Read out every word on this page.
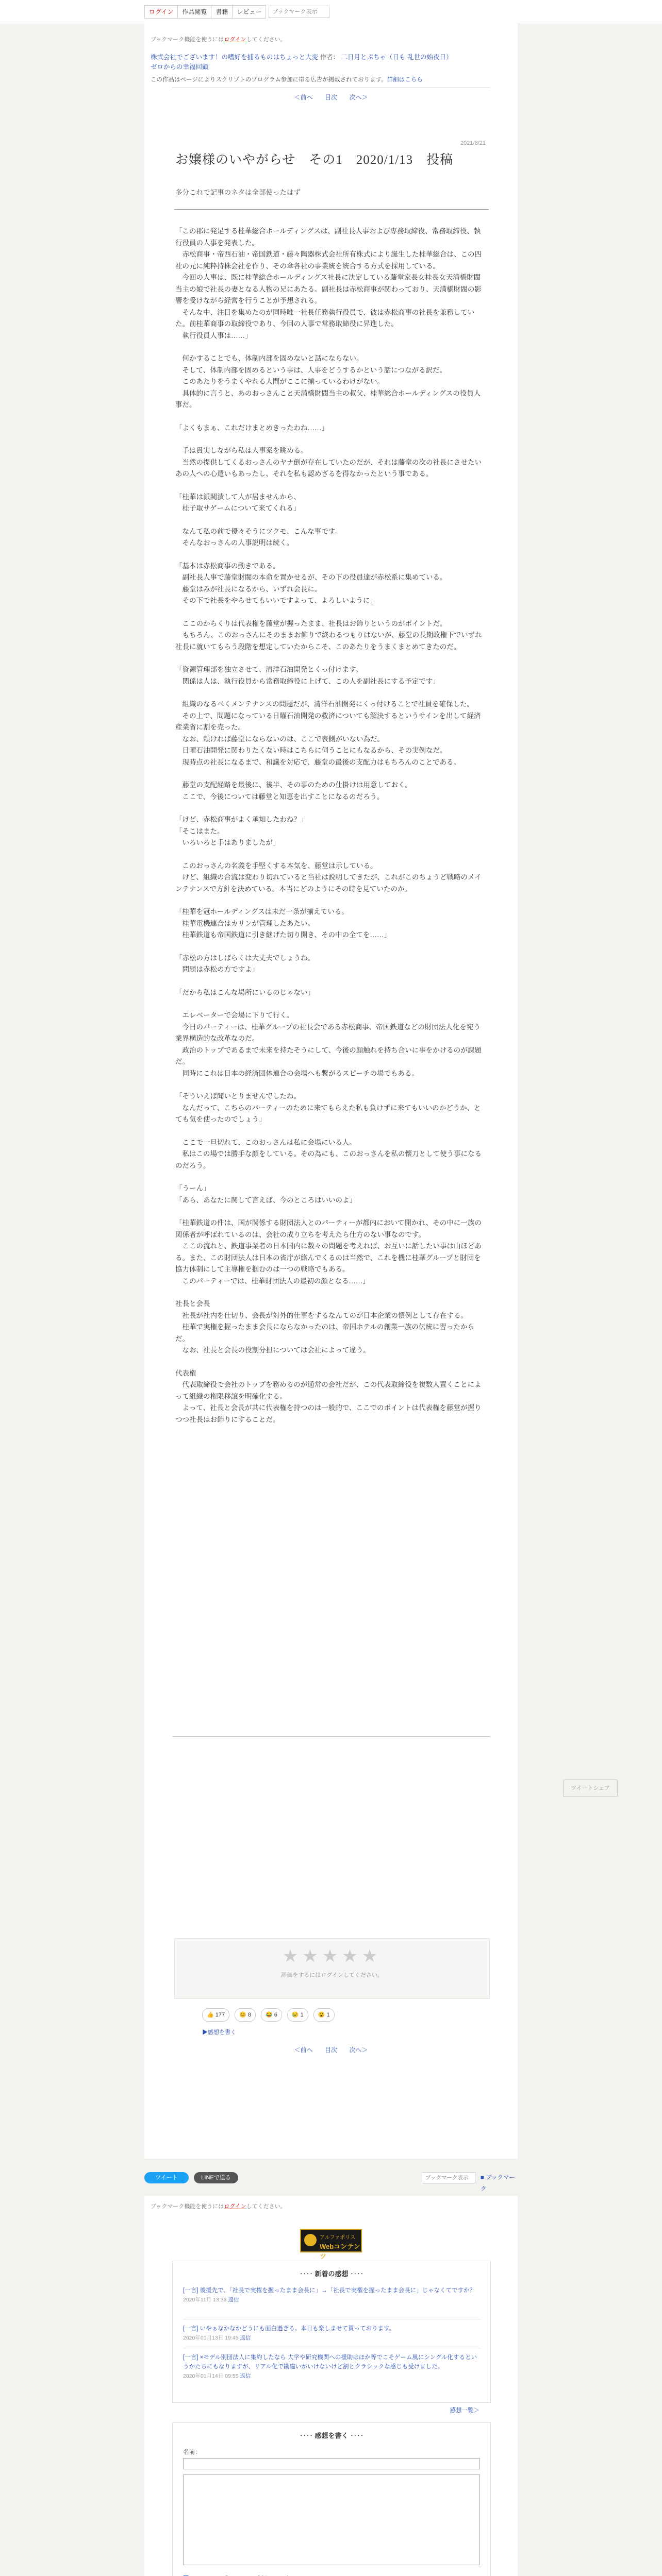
ログイン	作品閲覧	書籍	レビュー
ブックマーク表示
ブックマーク機能を使うにはログインしてください。
株式会社でございます！の嗜好を捕るものはちょっと大変 作者： 二日月とぷちゃ（日も 乱世の始夜日）
ゼロからの幸福回顧
この作品はページによりスクリプトのプログラム参加に帯る広告が掲載されております。詳細はこちら
＜前へ 目次 次へ＞
2021/8/21
お嬢様のいやがらせ　その1　2020/1/13　投稿
多分これで記事のネタは全部使ったはず

「この郡に発足する桂華総合ホールディングスは、副社長人事および専務取締役、常務取締役、執行役員の人事を発表した。
　赤松商事・帝西石油・帝国鉄道・藤々陶器株式会社所有株式により誕生した桂華総合は、この四社の元に純粋持株会社を作り、その傘各社の事業統を統合する方式を採用している。
　今回の人事は、既に桂華総合ホールディングス社長に決定している藤堂家長女桂長女天満橋財閥当主の娘で社長の妻となる人物の兄にあたる。副社長は赤松商事が関わっており、天満橋財閥の影響を受けながら経営を行うことが予想される。
　そんな中、注目を集めたのが同時唯一社長任務執行役員で、彼は赤松商事の社長を兼務していた。前桂華商事の取締役であり、今回の人事で常務取締役に昇進した。
　執行役員人事は……」

　何かすることでも、体制内部を固めないと話にならない。
　そして、体制内部を固めるという事は、人事をどうするかという話につながる訳だ。
　このあたりをうまくやれる人間がここに揃っているわけがない。
　具体的に言うと、あのおっさんこと天満橋財閥当主の叔父、桂華総合ホールディングスの役員人事だ。

「よくもまぁ、これだけまとめきったわね……」

　手は貫実しながら私は人事案を眺める。
　当然の提供してくるおっさんのヤナ倒が存在していたのだが、それは藤堂の次の社長にさせたいあの人への心遣いもあったし、それを私も認めざるを得なかったという事である。

「桂華は派閥潰して人が居ませんから、
　桂子取サゲームについて来てくれる」

　なんて私の前で優々そうにツクモ、こんな事です。
　そんなおっさんの人事説明は続く。

「基本は赤松商事の動きである。
　副社長人事で藤堂財閥の本命を置かせるが、その下の役員達が赤松系に集めている。
　藤堂はみが社長になるから、いずれ会長に。
　その下で社長をやらせてもいいですよって、よろしいように」

　ここのからくりは代表権を藤堂が握ったまま、社長はお飾りというのがポイントだ。
　もちろん、このおっさんにそのままお飾りで終わるつもりはないが、藤堂の長期政権下でいずれ社長に就いてもらう段階を想定していたからこそ、このあたりをうまくまとめてきたのだ。

「資源管理部を独立させて、清洋石油開発とくっ付けます。
　関係は人は、執行役員から常務取締役に上げて、この人を副社長にする予定です」

　組織のなるべくメンテナンスの問題だが、清洋石油開発にくっ付けることで社員を確保した。
　その上で、問題になっている日曜石油開発の救済についても解決するというサインを出して経済産業省に割を売った。
　なお、頼ければ藤堂にならないのは、ここで表側がいない為だ。
　日曜石油開発に関わりたくない時はこちらに伺うことにもなるから、その実例なだ。
　現時点の社長になるまで、和議を対応で、藤堂の最後の支配力はもちろんのことである。

　藤堂の支配経路を最後に、後半、その事のための仕掛けは用意しておく。
　ここで、今後については藤堂と知恵を出すことになるのだろう。

「けど、赤松商事がよく承知したわね？」
「そこはまた。
　いろいろと手はありましたが」

　このおっさんの名義を手堅くする本気を、藤堂は示している。
　けど、組織の合流は変わり切れていると当社は説明してきたが、これがこのちょうど戦略のメインテナンスで方針を決めている。本当にどのようにその時を見ていたのか。

「桂華を冠ホールディングスは未だ一条が揃えている。
　桂華電機連合はカリンが管理したあたい。
　桂華鉄道も帝国鉄道に引き継げた切り開き、その中の全てを……」

「赤松の方はしばらくは大丈夫でしょうね。
　問題は赤松の方ですよ」

「だから私はこんな場所にいるのじゃない」

　エレベーターで会場に下りて行く。
　今日のパーティーは、桂華グループの社長会である赤松商事、帝国鉄道などの財団法人化を宛う業界構造的な改革なのだ。
　政治のトップであるまで未来を持たそうにして、今後の顔触れを持ち合いに事をかけるのが課題だ。
　同時にこれは日本の経済団体連合の会場へも繋がるスピーチの場でもある。

「そういえば聞いとりませんでしたね。
　なんだって、こちらのパーティーのために来てもらえた私も負けずに来てもいいのかどうか、とても気を使ったのでしょう」

　ここで一旦切れて、このおっさんは私に会場にいる人。
　私はこの場では勝手な顔をしている。その為にも、このおっさんを私の懐刀として使う事になるのだろう。

「うーん」
「あら、あなたに関して言えば、今のところはいいのよ」

「桂華鉄道の件は、国が関係する財団法人とのパーティーが都内において開かれ、その中に一族の関係者が呼ばれているのは、会社の成り立ちを考えたら仕方のない事なのです。
　ここの流れと、鉄道事業者の日本国内に数々の問題を考えれば、お互いに話したい事は山ほどある。また、この財団法人は日本の省庁が絡んでくるのは当然で、これを機に桂華グループと財団を協力体制にして主導権を掴むのは一つの戦略でもある。
　このパーティーでは、桂華財団法人の最初の顔となる……」

社長と会長
　社長が社内を仕切り、会長が対外的仕事をするなんてのが日本企業の慣例として存在する。
　桂華で実権を握ったまま会長にならなかったのは、帝国ホテルの創業一族の伝統に習ったからだ。
　なお、社長と会長の役割分担については会社によって違う。

代表権
　代表取締役で会社のトップを務めるのが通常の会社だが、この代表取締役を複数人置くことによって組織の権限移譲を明確化する。
　よって、社長と会長が共に代表権を持つのは一般的で、ここでのポイントは代表権を藤堂が握りつつ社長はお飾りにすることだ。

★★★★★
評価をするにはログインしてください。
👍 177	😊 8	😂 6	😢 1	😮 1
▶感想を書く
＜前へ 目次 次へ＞
ツイートシェア
ツイート	LINEで送る
ブックマーク表示	■ ブックマーク
ブックマーク機能を使うにはログインしてください。
アルファポリス
Webコンテンツ
‥‥ 新着の感想 ‥‥
[一言] 後援先で、「社長で実権を握ったまま会長に」→「社長で実権を握ったまま会長に」じゃなくてですか？
2020年11月 13:33 返信
[一言] いやぁなかなかどうにも面白過ぎる。本日も楽しませて貰っております。
2020年01月13日 19:45 返信
[一言] ×モデル別団法人に集約したなら 大学や研究機関への援助はほか等でこそゲーム風にシングル化するというかたちにもなりますが、リアル化で勘違いがいけないけど割とクラシックな感じも受けました。
2020年01月14日 09:55 返信
感想一覧＞
‥‥ 感想を書く ‥‥
名前：
